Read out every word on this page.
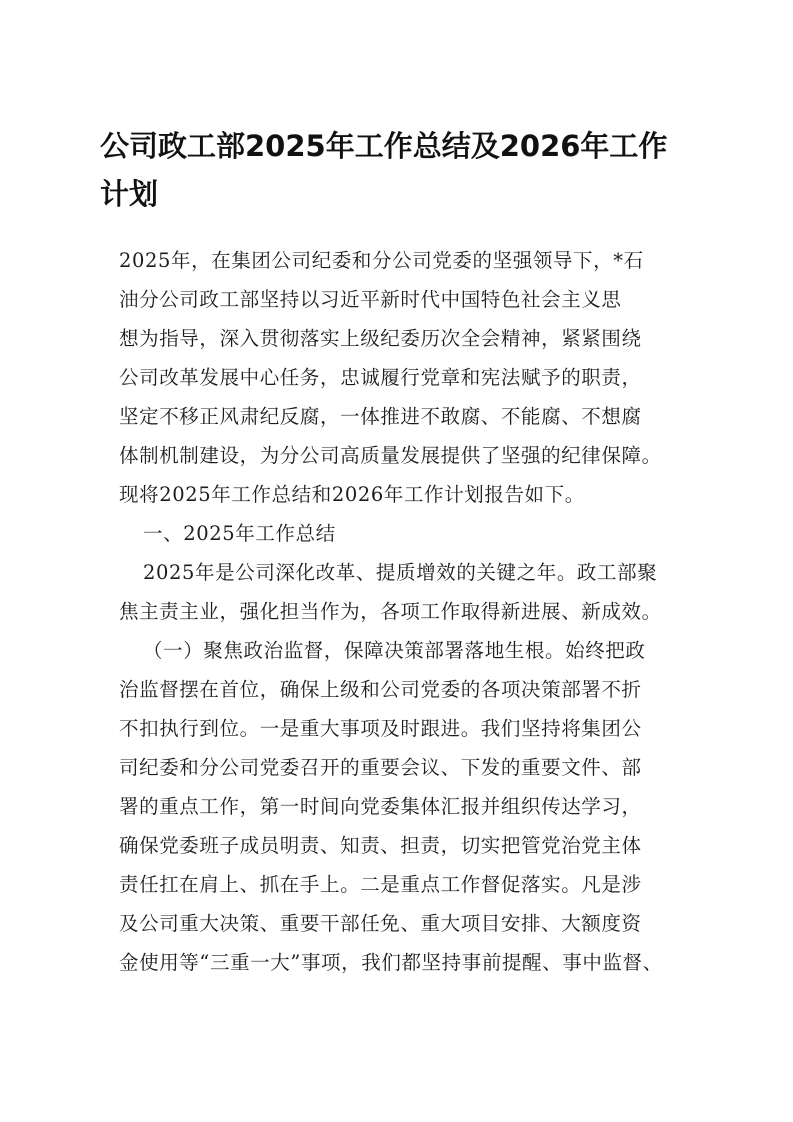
公司政工部2025年工作总结及2026年工作
计划
2025年，在集团公司纪委和分公司党委的坚强领导下，*石
油分公司政工部坚持以习近平新时代中国特色社会主义思
想为指导，深入贯彻落实上级纪委历次全会精神，紧紧围绕
公司改革发展中心任务，忠诚履行党章和宪法赋予的职责，
坚定不移正风肃纪反腐，一体推进不敢腐、不能腐、不想腐
体制机制建设，为分公司高质量发展提供了坚强的纪律保障。
现将2025年工作总结和2026年工作计划报告如下。
一、2025年工作总结
2025年是公司深化改革、提质增效的关键之年。政工部聚
焦主责主业，强化担当作为，各项工作取得新进展、新成效。
（一）聚焦政治监督，保障决策部署落地生根。始终把政
治监督摆在首位，确保上级和公司党委的各项决策部署不折
不扣执行到位。一是重大事项及时跟进。我们坚持将集团公
司纪委和分公司党委召开的重要会议、下发的重要文件、部
署的重点工作，第一时间向党委集体汇报并组织传达学习，
确保党委班子成员明责、知责、担责，切实把管党治党主体
责任扛在肩上、抓在手上。二是重点工作督促落实。凡是涉
及公司重大决策、重要干部任免、重大项目安排、大额度资
金使用等“三重一大”事项，我们都坚持事前提醒、事中监督、
